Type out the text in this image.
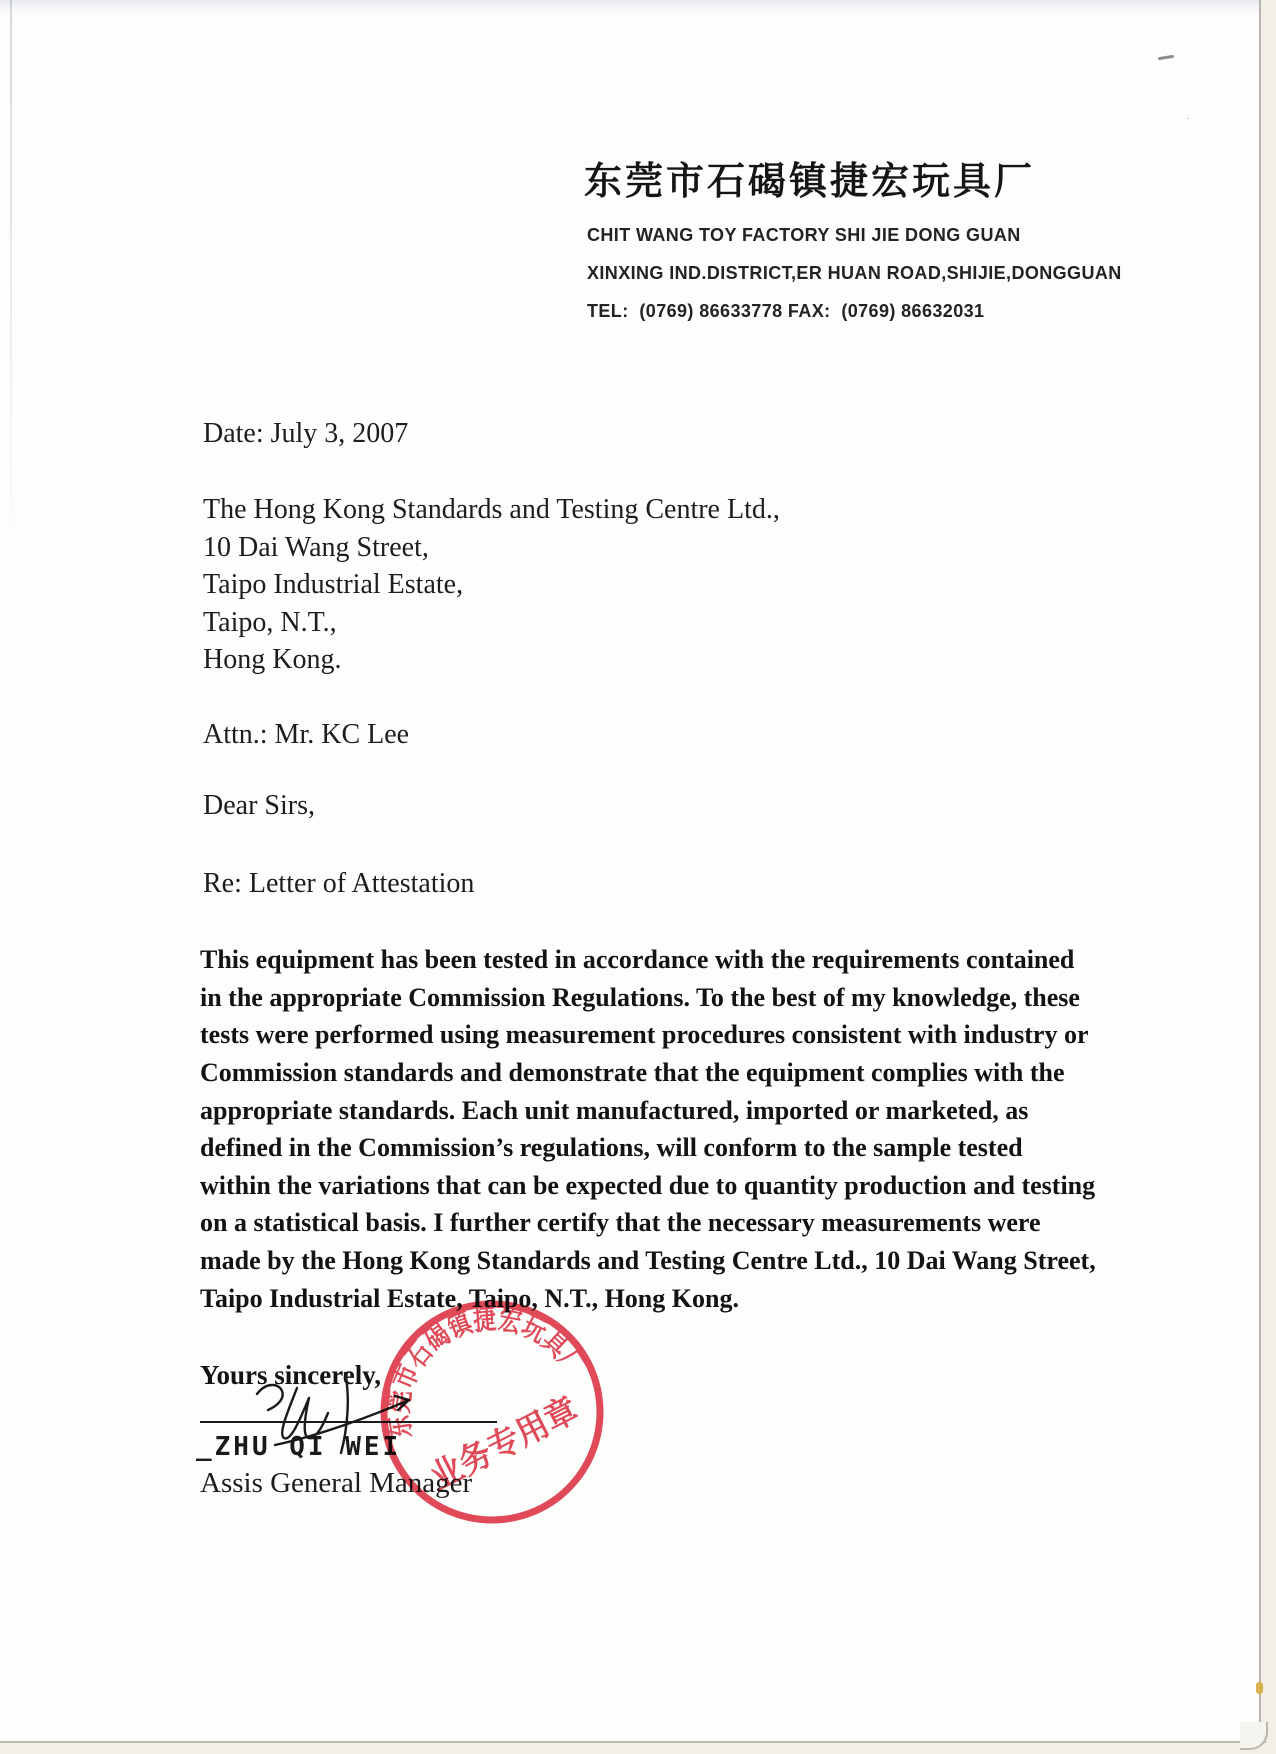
·
东莞市石碣镇捷宏玩具厂
CHIT WANG TOY FACTORY SHI JIE DONG GUAN
XINXING IND.DISTRICT,ER HUAN ROAD,SHIJIE,DONGGUAN
TEL:  (0769) 86633778 FAX:  (0769) 86632031
Date: July 3, 2007
The Hong Kong Standards and Testing Centre Ltd.,
10 Dai Wang Street,
Taipo Industrial Estate,
Taipo, N.T.,
Hong Kong.
Attn.: Mr. KC Lee
Dear Sirs,
Re: Letter of Attestation
This equipment has been tested in accordance with the requirements contained
in the appropriate Commission Regulations. To the best of my knowledge, these
tests were performed using measurement procedures consistent with industry or
Commission standards and demonstrate that the equipment complies with the
appropriate standards. Each unit manufactured, imported or marketed, as
defined in the Commission’s regulations, will conform to the sample tested
within the variations that can be expected due to quantity production and testing
on a statistical basis. I further certify that the necessary measurements were
made by the Hong Kong Standards and Testing Centre Ltd., 10 Dai Wang Street,
Taipo Industrial Estate, Taipo, N.T., Hong Kong.
Yours sincerely,
_ZHU QI WEI
Assis General Manager
东莞市石碣镇捷宏玩具厂
业务专用章
